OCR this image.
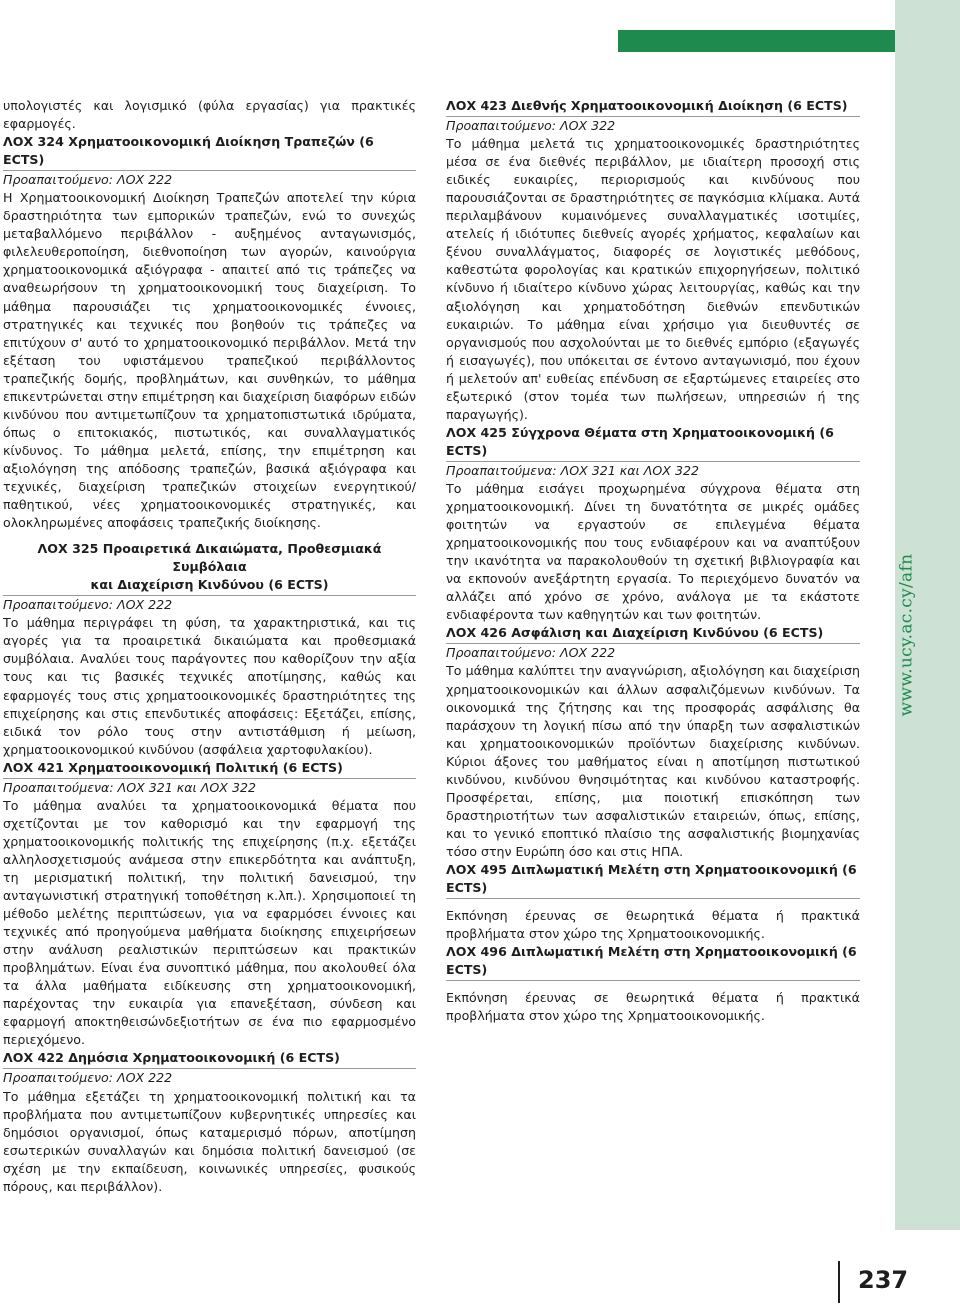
www.ucy.ac.cy/afn

υπολογιστές και λογισμικό (φύλα εργασίας) για πρακτικές εφαρμογές.

ΛΟΧ 324 Χρηματοοικονομική Διοίκηση Τραπεζών (6 ECTS)

Προαπαιτούμενο: ΛΟΧ 222

Η Χρηματοοικονομική Διοίκηση Τραπεζών αποτελεί την κύρια δραστηριότητα των εμπορικών τραπεζών, ενώ το συνεχώς μεταβαλλόμενο περιβάλλον - αυξημένος ανταγωνισμός, φιλελευθεροποίηση, διεθνοποίηση των αγορών, καινούργια χρηματοοικονομικά αξιόγραφα - απαιτεί από τις τράπεζες να αναθεωρήσουν τη χρηματοοικονομική τους διαχείριση. Το μάθημα παρουσιάζει τις χρηματοοικονομικές έννοιες, στρατηγικές και τεχνικές που βοηθούν τις τράπεζες να επιτύχουν σ' αυτό το χρηματοοικονομικό περιβάλλον. Μετά την εξέταση του υφιστάμενου τραπεζικού περιβάλλοντος τραπεζικής δομής, προβλημάτων, και συνθηκών, το μάθημα επικεντρώνεται στην επιμέτρηση και διαχείριση διαφόρων ειδών κινδύνου που αντιμετωπίζουν τα χρηματοπιστωτικά ιδρύματα, όπως ο επιτοκιακός, πιστωτικός, και συναλλαγματικός κίνδυνος. Το μάθημα μελετά, επίσης, την επιμέτρηση και αξιολόγηση της απόδοσης τραπεζών, βασικά αξιόγραφα και τεχνικές, διαχείριση τραπεζικών στοιχείων ενεργητικού/παθητικού, νέες χρηματοοικονομικές στρατηγικές, και ολοκληρωμένες αποφάσεις τραπεζικής διοίκησης.

ΛΟΧ 325 Προαιρετικά Δικαιώματα, Προθεσμιακά Συμβόλαια
και Διαχείριση Κινδύνου (6 ECTS)

Προαπαιτούμενο: ΛΟΧ 222

Το μάθημα περιγράφει τη φύση, τα χαρακτηριστικά, και τις αγορές για τα προαιρετικά δικαιώματα και προθεσμιακά συμβόλαια. Αναλύει τους παράγοντες που καθορίζουν την αξία τους και τις βασικές τεχνικές αποτίμησης, καθώς και εφαρμογές τους στις χρηματοοικονομικές δραστηριότητες της επιχείρησης και στις επενδυτικές αποφάσεις: Εξετάζει, επίσης, ειδικά τον ρόλο τους στην αντιστάθμιση ή μείωση, χρηματοοικονομικού κινδύνου (ασφάλεια χαρτοφυλακίου).

ΛΟΧ 421 Χρηματοοικονομική Πολιτική (6 ECTS)

Προαπαιτούμενα: ΛΟΧ 321 και ΛΟΧ 322

Το μάθημα αναλύει τα χρηματοοικονομικά θέματα που σχετίζονται με τον καθορισμό και την εφαρμογή της χρηματοοικονομικής πολιτικής της επιχείρησης (π.χ. εξετάζει αλληλοσχετισμούς ανάμεσα στην επικερδότητα και ανάπτυξη, τη μερισματική πολιτική, την πολιτική δανεισμού, την ανταγωνιστική στρατηγική τοποθέτηση κ.λπ.). Χρησιμοποιεί τη μέθοδο μελέτης περιπτώσεων, για να εφαρμόσει έννοιες και τεχνικές από προηγούμενα μαθήματα διοίκησης επιχειρήσεων στην ανάλυση ρεαλιστικών περιπτώσεων και πρακτικών προβλημάτων. Είναι ένα συνοπτικό μάθημα, που ακολουθεί όλα τα άλλα μαθήματα ειδίκευσης στη χρηματοοικονομική, παρέχοντας την ευκαιρία για επανεξέταση, σύνδεση και εφαρμογή αποκτηθεισώνδεξιοτήτων σε ένα πιο εφαρμοσμένο περιεχόμενο.

ΛΟΧ 422 Δημόσια Χρηματοοικονομική (6 ECTS)

Προαπαιτούμενο: ΛΟΧ 222

Το μάθημα εξετάζει τη χρηματοοικονομική πολιτική και τα προβλήματα που αντιμετωπίζουν κυβερνητικές υπηρεσίες και δημόσιοι οργανισμοί, όπως καταμερισμό πόρων, αποτίμηση εσωτερικών συναλλαγών και δημόσια πολιτική δανεισμού (σε σχέση με την εκπαίδευση, κοινωνικές υπηρεσίες, φυσικούς πόρους, και περιβάλλον).

ΛΟΧ 423 Διεθνής Χρηματοοικονομική Διοίκηση (6 ECTS)

Προαπαιτούμενο: ΛΟΧ 322

Το μάθημα μελετά τις χρηματοοικονομικές δραστηριότητες μέσα σε ένα διεθνές περιβάλλον, με ιδιαίτερη προσοχή στις ειδικές ευκαιρίες, περιορισμούς και κινδύνους που παρουσιάζονται σε δραστηριότητες σε παγκόσμια κλίμακα. Αυτά περιλαμβάνουν κυμαινόμενες συναλλαγματικές ισοτιμίες, ατελείς ή ιδιότυπες διεθνείς αγορές χρήματος, κεφαλαίων και ξένου συναλλάγματος, διαφορές σε λογιστικές μεθόδους, καθεστώτα φορολογίας και κρατικών επιχορηγήσεων, πολιτικό κίνδυνο ή ιδιαίτερο κίνδυνο χώρας λειτουργίας, καθώς και την αξιολόγηση και χρηματοδότηση διεθνών επενδυτικών ευκαιριών. Το μάθημα είναι χρήσιμο για διευθυντές σε οργανισμούς που ασχολούνται με το διεθνές εμπόριο (εξαγωγές ή εισαγωγές), που υπόκειται σε έντονο ανταγωνισμό, που έχουν ή μελετούν απ' ευθείας επένδυση σε εξαρτώμενες εταιρείες στο εξωτερικό (στον τομέα των πωλήσεων, υπηρεσιών ή της παραγωγής).

ΛΟΧ 425 Σύγχρονα Θέματα στη Χρηματοοικονομική (6 ECTS)

Προαπαιτούμενα: ΛΟΧ 321 και ΛΟΧ 322

Το μάθημα εισάγει προχωρημένα σύγχρονα θέματα στη χρηματοοικονομική. Δίνει τη δυνατότητα σε μικρές ομάδες φοιτητών να εργαστούν σε επιλεγμένα θέματα χρηματοοικονομικής που τους ενδιαφέρουν και να αναπτύξουν την ικανότητα να παρακολουθούν τη σχετική βιβλιογραφία και να εκπονούν ανεξάρτητη εργασία. Το περιεχόμενο δυνατόν να αλλάζει από χρόνο σε χρόνο, ανάλογα με τα εκάστοτε ενδιαφέροντα των καθηγητών και των φοιτητών.

ΛΟΧ 426 Ασφάλιση και Διαχείριση Κινδύνου (6 ECTS)

Προαπαιτούμενο: ΛΟΧ 222

Το μάθημα καλύπτει την αναγνώριση, αξιολόγηση και διαχείριση χρηματοοικονομικών και άλλων ασφαλιζόμενων κινδύνων. Τα οικονομικά της ζήτησης και της προσφοράς ασφάλισης θα παράσχουν τη λογική πίσω από την ύπαρξη των ασφαλιστικών και χρηματοοικονομικών προϊόντων διαχείρισης κινδύνων. Κύριοι άξονες του μαθήματος είναι η αποτίμηση πιστωτικού κινδύνου, κινδύνου θνησιμότητας και κινδύνου καταστροφής. Προσφέρεται, επίσης, μια ποιοτική επισκόπηση των δραστηριοτήτων των ασφαλιστικών εταιρειών, όπως, επίσης, και το γενικό εποπτικό πλαίσιο της ασφαλιστικής βιομηχανίας τόσο στην Ευρώπη όσο και στις ΗΠΑ.

ΛΟΧ 495 Διπλωματική Μελέτη στη Χρηματοοικονομική (6 ECTS)

Εκπόνηση έρευνας σε θεωρητικά θέματα ή πρακτικά προβλήματα στον χώρο της Χρηματοοικονομικής.

ΛΟΧ 496 Διπλωματική Μελέτη στη Χρηματοοικονομική (6 ECTS)

Εκπόνηση έρευνας σε θεωρητικά θέματα ή πρακτικά προβλήματα στον χώρο της Χρηματοοικονομικής.

237
